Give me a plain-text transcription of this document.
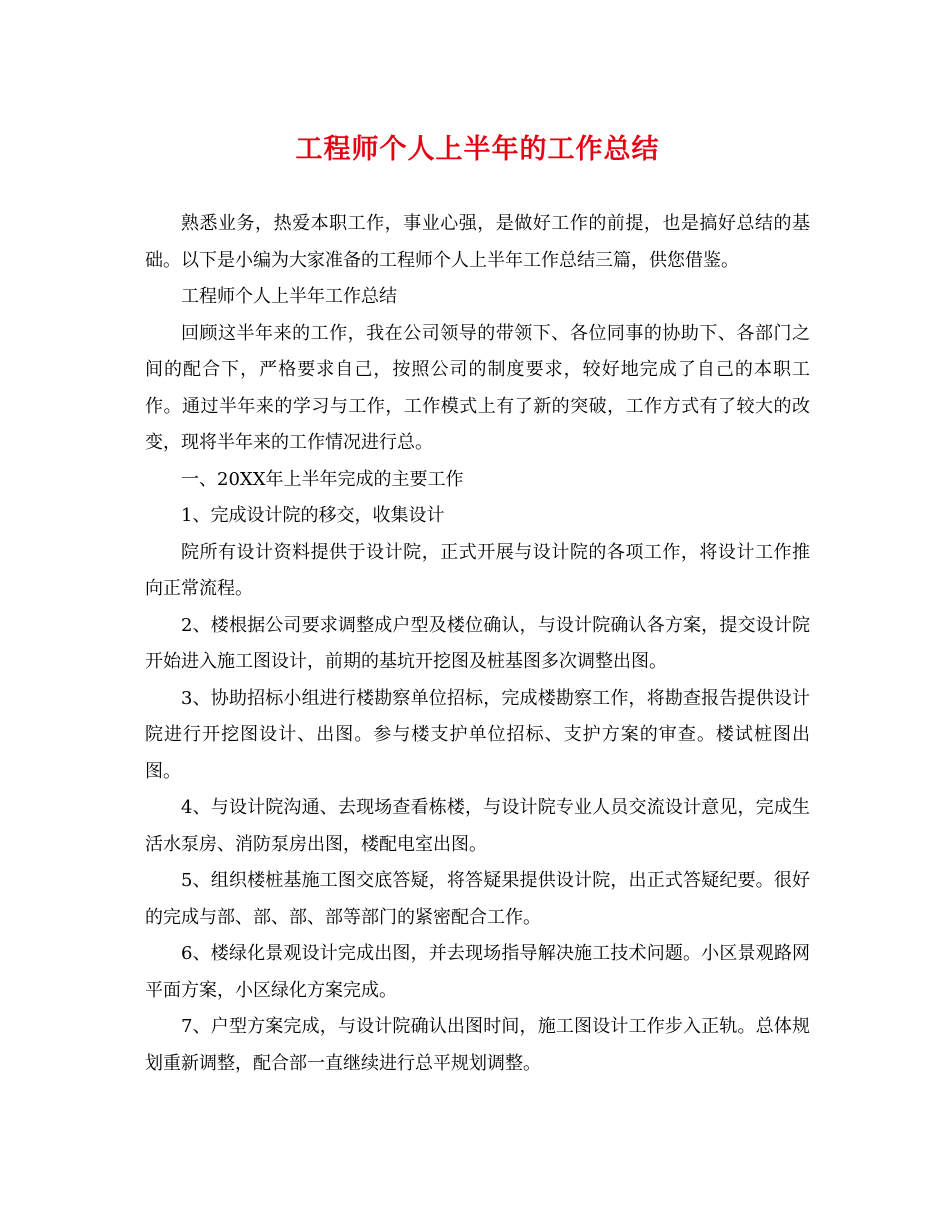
工程师个人上半年的工作总结

熟悉业务，热爱本职工作，事业心强，是做好工作的前提，也是搞好总结的基础。以下是小编为大家准备的工程师个人上半年工作总结三篇，供您借鉴。

工程师个人上半年工作总结

回顾这半年来的工作，我在公司领导的带领下、各位同事的协助下、各部门之间的配合下，严格要求自己，按照公司的制度要求，较好地完成了自己的本职工作。通过半年来的学习与工作，工作模式上有了新的突破，工作方式有了较大的改变，现将半年来的工作情况进行总。

一、20XX年上半年完成的主要工作

1、完成设计院的移交，收集设计

院所有设计资料提供于设计院，正式开展与设计院的各项工作，将设计工作推向正常流程。

2、楼根据公司要求调整成户型及楼位确认，与设计院确认各方案，提交设计院开始进入施工图设计，前期的基坑开挖图及桩基图多次调整出图。

3、协助招标小组进行楼勘察单位招标，完成楼勘察工作，将勘查报告提供设计院进行开挖图设计、出图。参与楼支护单位招标、支护方案的审查。楼试桩图出图。

4、与设计院沟通、去现场查看栋楼，与设计院专业人员交流设计意见，完成生活水泵房、消防泵房出图，楼配电室出图。

5、组织楼桩基施工图交底答疑，将答疑果提供设计院，出正式答疑纪要。很好的完成与部、部、部、部等部门的紧密配合工作。

6、楼绿化景观设计完成出图，并去现场指导解决施工技术问题。小区景观路网平面方案，小区绿化方案完成。

7、户型方案完成，与设计院确认出图时间，施工图设计工作步入正轨。总体规划重新调整，配合部一直继续进行总平规划调整。
